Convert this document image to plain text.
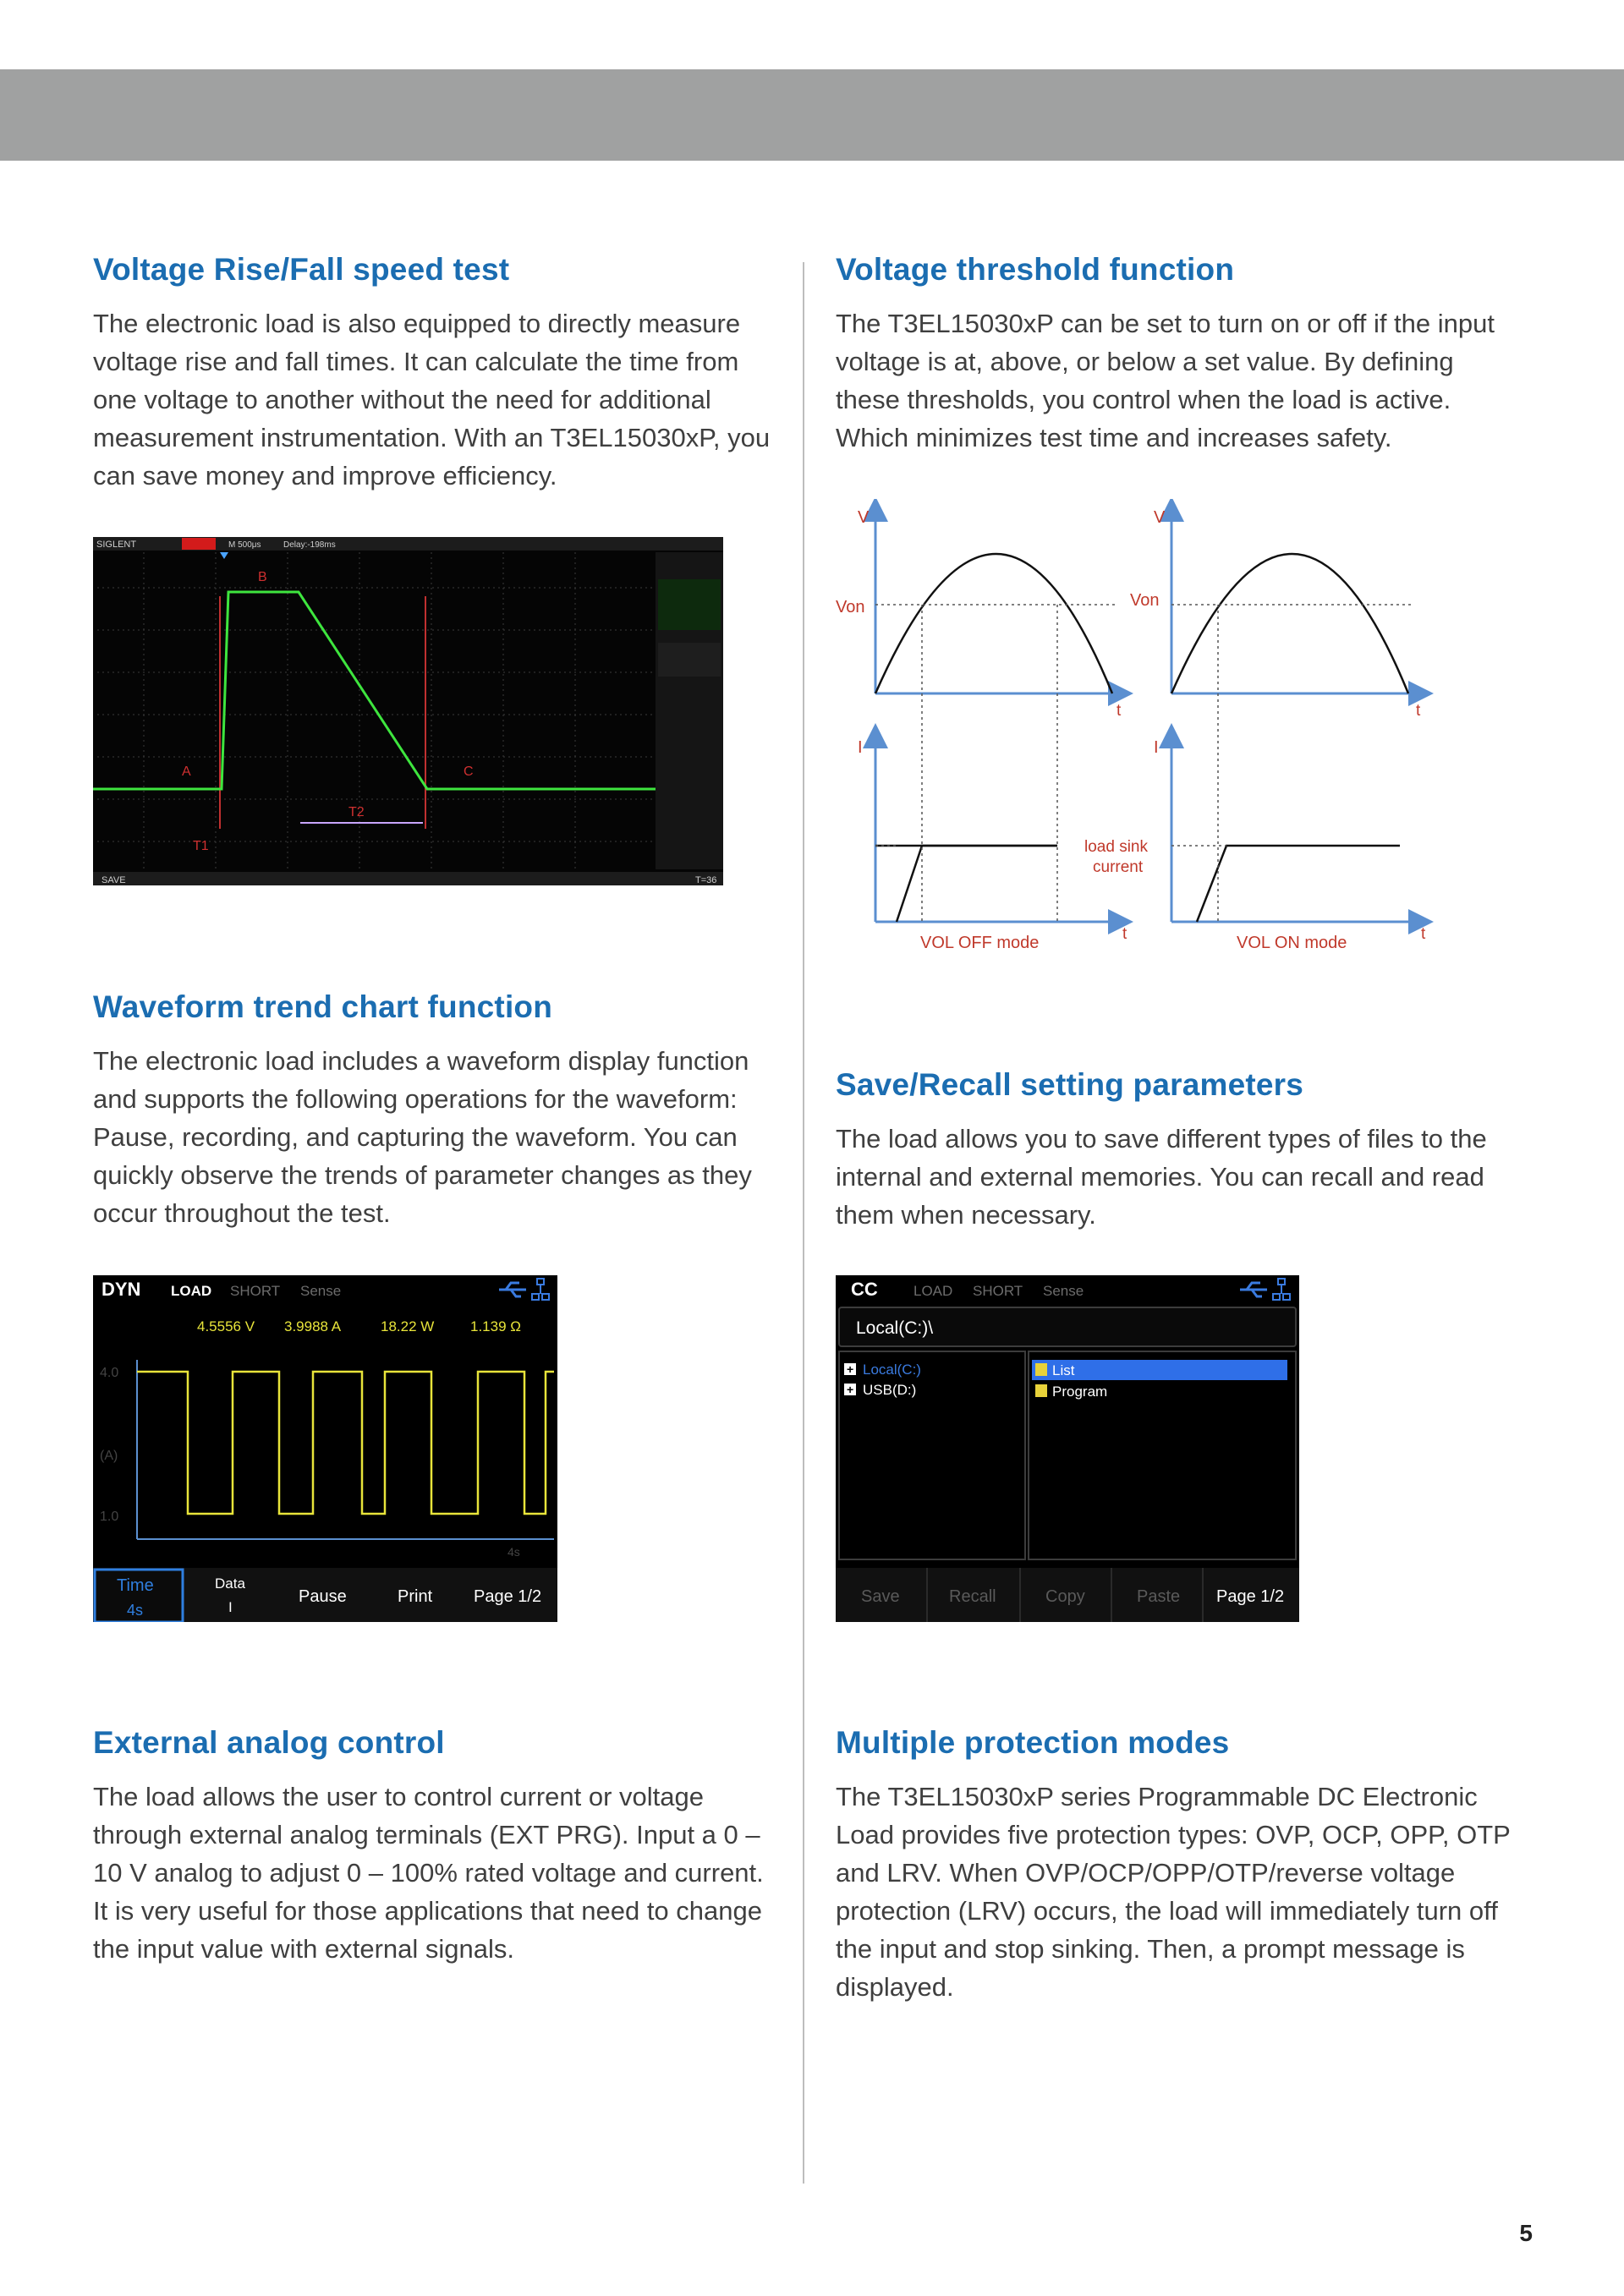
Voltage Rise/Fall speed test

The electronic load is also equipped to directly measure voltage rise and fall times. It can calculate the time from one voltage to another without the need for additional measurement instrumentation. With an T3EL15030xP, you can save money and improve efficiency.

SIGLENT	M 500μs	Delay:-198ms
A
B
C
T1
T2
SAVE	T=36
Voltage threshold function

The T3EL15030xP can be set to turn on or off if the input voltage is at, above, or below a set value. By defining these thresholds, you control when the load is active. Which minimizes test time and increases safety.

V	V
Von	Von
t	t
I	I
load sink
current
VOL OFF mode	VOL ON mode
t	t
Waveform trend chart function

The electronic load includes a waveform display function and supports the following operations for the waveform: Pause, recording, and capturing the waveform. You can quickly observe the trends of parameter changes as they occur throughout the test.

DYN LOAD SHORT Sense
4.5556 V 3.9988 A	18.22 W	1.139 Ω
4.0
(A)
1.0
4s
Time
4s
Data
I
Pause	Print Page 1/2
Save/Recall setting parameters

The load allows you to save different types of files to the internal and external memories. You can recall and read them when necessary.

CC LOAD SHORT Sense
Local(C:)\
+ Local(C:)
+ USB(D:)
List
Program
Save	Recall	Copy	Paste Page 1/2
External analog control

The load allows the user to control current or voltage through external analog terminals (EXT PRG). Input a 0 – 10 V analog to adjust 0 – 100% rated voltage and current. It is very useful for those applications that need to change the input value with external signals.

Multiple protection modes

The T3EL15030xP series Programmable DC Electronic Load provides five protection types: OVP, OCP, OPP, OTP and LRV. When OVP/OCP/OPP/OTP/reverse voltage protection (LRV) occurs, the load will immediately turn off the input and stop sinking. Then, a prompt message is displayed.

5
